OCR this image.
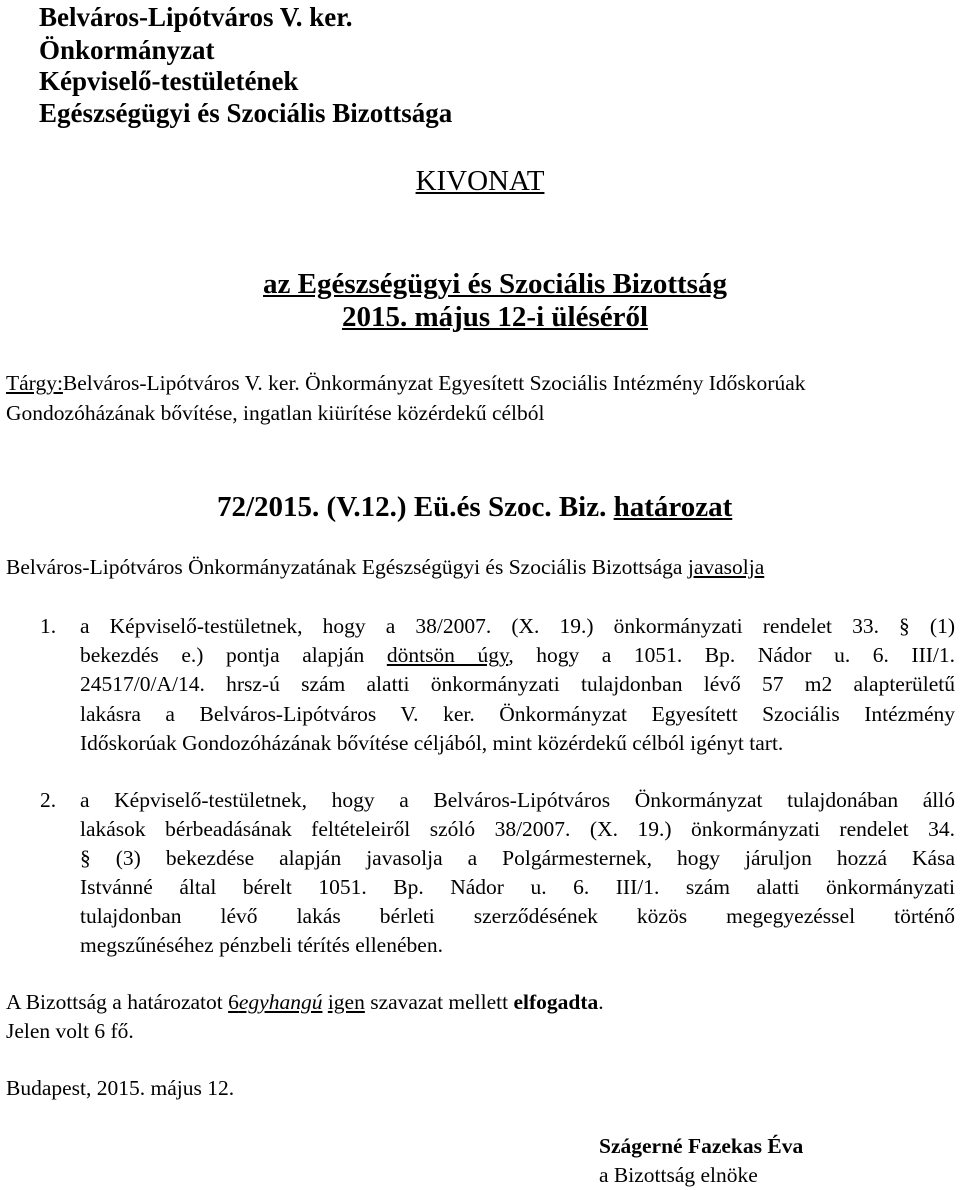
Belváros-Lipótváros V. ker.

Önkormányzat

Képviselő-testületének

Egészségügyi és Szociális Bizottsága

KIVONAT

az Egészségügyi és Szociális Bizottság

2015. május 12-i üléséről

Tárgy:Belváros-Lipótváros V. ker. Önkormányzat Egyesített Szociális Intézmény Időskorúak

Gondozóházának bővítése, ingatlan kiürítése közérdekű célból

72/2015. (V.12.) Eü.és Szoc. Biz. határozat

Belváros-Lipótváros Önkormányzatának Egészségügyi és Szociális Bizottsága javasolja

1. a Képviselő-testületnek, hogy a 38/2007. (X. 19.) önkormányzati rendelet 33. § (1)

bekezdés e.) pontja alapján döntsön úgy, hogy a 1051. Bp. Nádor u. 6. III/1.

24517/0/A/14. hrsz-ú szám alatti önkormányzati tulajdonban lévő 57 m2 alapterületű

lakásra a Belváros-Lipótváros V. ker. Önkormányzat Egyesített Szociális Intézmény

Időskorúak Gondozóházának bővítése céljából, mint közérdekű célból igényt tart.

2. a Képviselő-testületnek, hogy a Belváros-Lipótváros Önkormányzat tulajdonában álló

lakások bérbeadásának feltételeiről szóló 38/2007. (X. 19.) önkormányzati rendelet 34.

§ (3) bekezdése alapján javasolja a Polgármesternek, hogy járuljon hozzá Kása

Istvánné által bérelt 1051. Bp. Nádor u. 6. III/1. szám alatti önkormányzati

tulajdonban lévő lakás bérleti szerződésének közös megegyezéssel történő

megszűnéséhez pénzbeli térítés ellenében.

A Bizottság a határozatot 6egyhangú igen szavazat mellett elfogadta.

Jelen volt 6 fő.

Budapest, 2015. május 12.

Szágerné Fazekas Éva

a Bizottság elnöke
